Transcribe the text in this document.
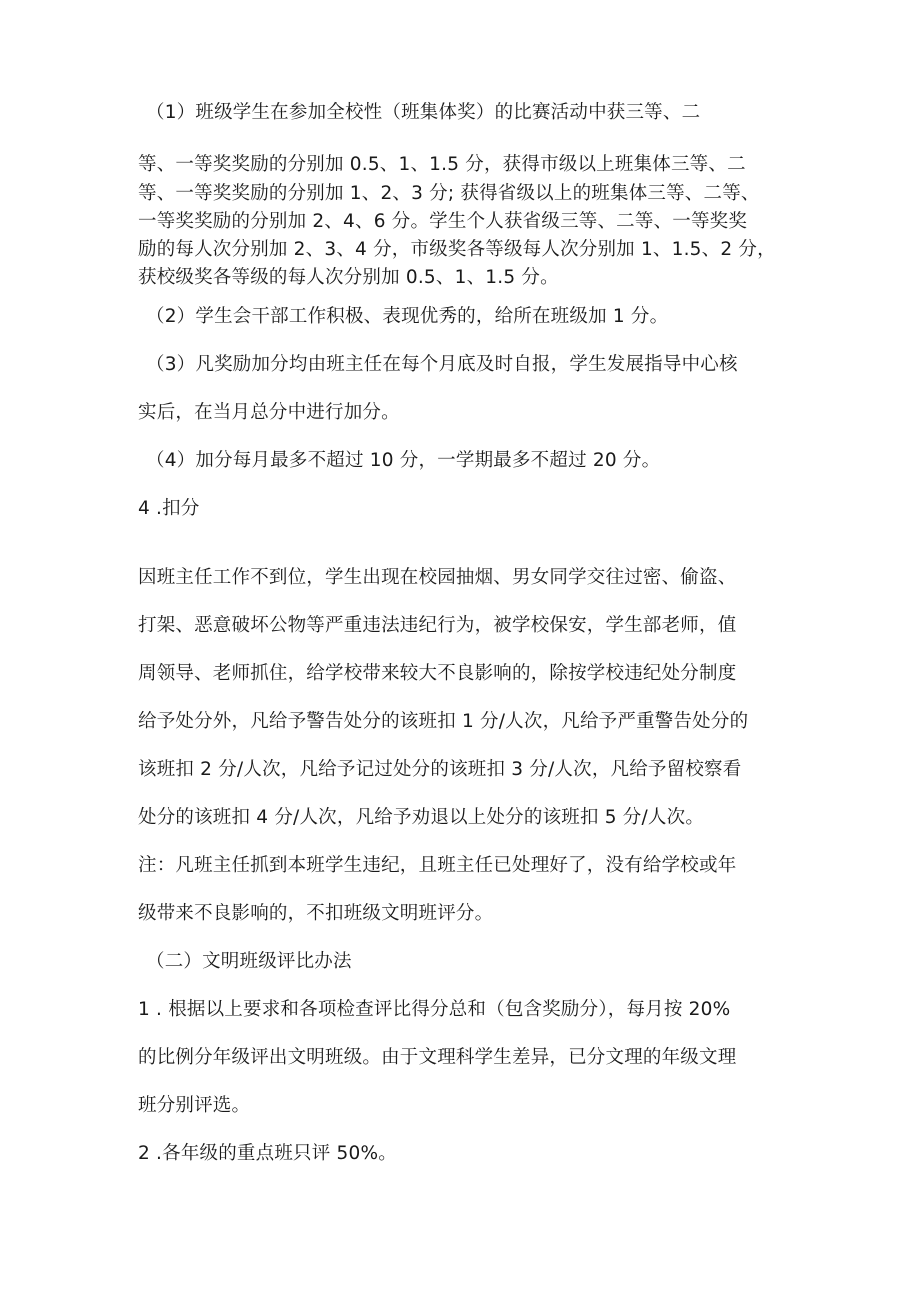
（1）班级学生在参加全校性（班集体奖）的比赛活动中获三等、二
等、一等奖奖励的分别加 0.5、1、1.5 分，获得市级以上班集体三等、二
等、一等奖奖励的分别加 1、2、3 分; 获得省级以上的班集体三等、二等、
一等奖奖励的分别加 2、4、6 分。学生个人获省级三等、二等、一等奖奖
励的每人次分别加 2、3、4 分，市级奖各等级每人次分别加 1、1.5、2 分，
获校级奖各等级的每人次分别加 0.5、1、1.5 分。
（2）学生会干部工作积极、表现优秀的，给所在班级加 1 分。
（3）凡奖励加分均由班主任在每个月底及时自报，学生发展指导中心核
实后，在当月总分中进行加分。
（4）加分每月最多不超过 10 分，一学期最多不超过 20 分。
4 .扣分
因班主任工作不到位，学生出现在校园抽烟、男女同学交往过密、偷盗、
打架、恶意破坏公物等严重违法违纪行为，被学校保安，学生部老师，值
周领导、老师抓住，给学校带来较大不良影响的，除按学校违纪处分制度
给予处分外，凡给予警告处分的该班扣 1 分/人次，凡给予严重警告处分的
该班扣 2 分/人次，凡给予记过处分的该班扣 3 分/人次，凡给予留校察看
处分的该班扣 4 分/人次，凡给予劝退以上处分的该班扣 5 分/人次。
注：凡班主任抓到本班学生违纪，且班主任已处理好了，没有给学校或年
级带来不良影响的，不扣班级文明班评分。
（二）文明班级评比办法
1 . 根据以上要求和各项检查评比得分总和（包含奖励分），每月按 20%
的比例分年级评出文明班级。由于文理科学生差异，已分文理的年级文理
班分别评选。
2 .各年级的重点班只评 50%。
